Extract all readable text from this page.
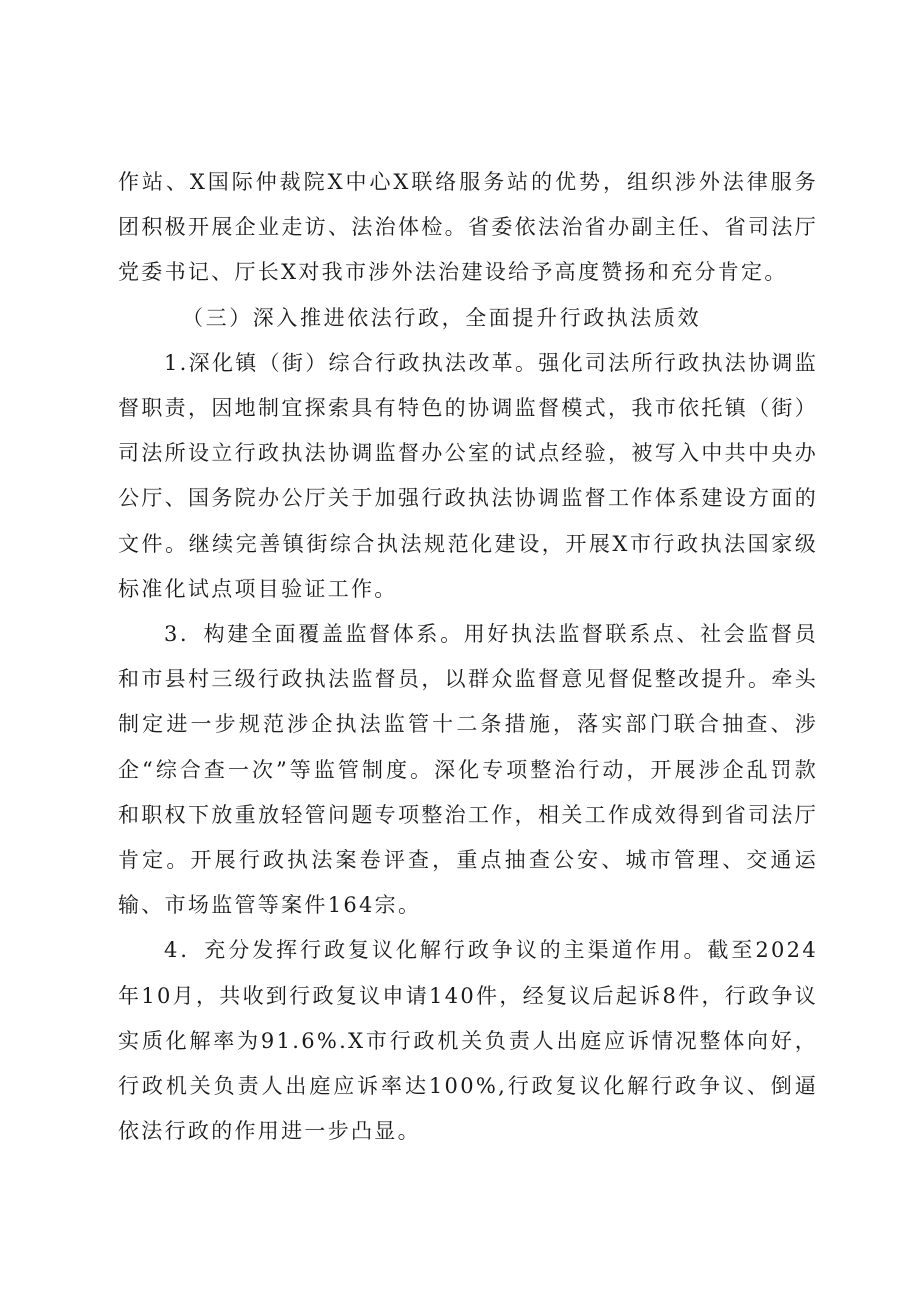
作站、X国际仲裁院X中心X联络服务站的优势，组织涉外法律服务团积极开展企业走访、法治体检。省委依法治省办副主任、省司法厅党委书记、厅长X对我市涉外法治建设给予高度赞扬和充分肯定。

（三）深入推进依法行政，全面提升行政执法质效

1.深化镇（街）综合行政执法改革。强化司法所行政执法协调监督职责，因地制宜探索具有特色的协调监督模式，我市依托镇（街）司法所设立行政执法协调监督办公室的试点经验，被写入中共中央办公厅、国务院办公厅关于加强行政执法协调监督工作体系建设方面的文件。继续完善镇街综合执法规范化建设，开展X市行政执法国家级标准化试点项目验证工作。

3．构建全面覆盖监督体系。用好执法监督联系点、社会监督员和市县村三级行政执法监督员，以群众监督意见督促整改提升。牵头制定进一步规范涉企执法监管十二条措施，落实部门联合抽查、涉企“综合查一次”等监管制度。深化专项整治行动，开展涉企乱罚款和职权下放重放轻管问题专项整治工作，相关工作成效得到省司法厅肯定。开展行政执法案卷评查，重点抽查公安、城市管理、交通运输、市场监管等案件164宗。

4．充分发挥行政复议化解行政争议的主渠道作用。截至2024年10月，共收到行政复议申请140件，经复议后起诉8件，行政争议实质化解率为91.6%.X市行政机关负责人出庭应诉情况整体向好，行政机关负责人出庭应诉率达100%,行政复议化解行政争议、倒逼依法行政的作用进一步凸显。
